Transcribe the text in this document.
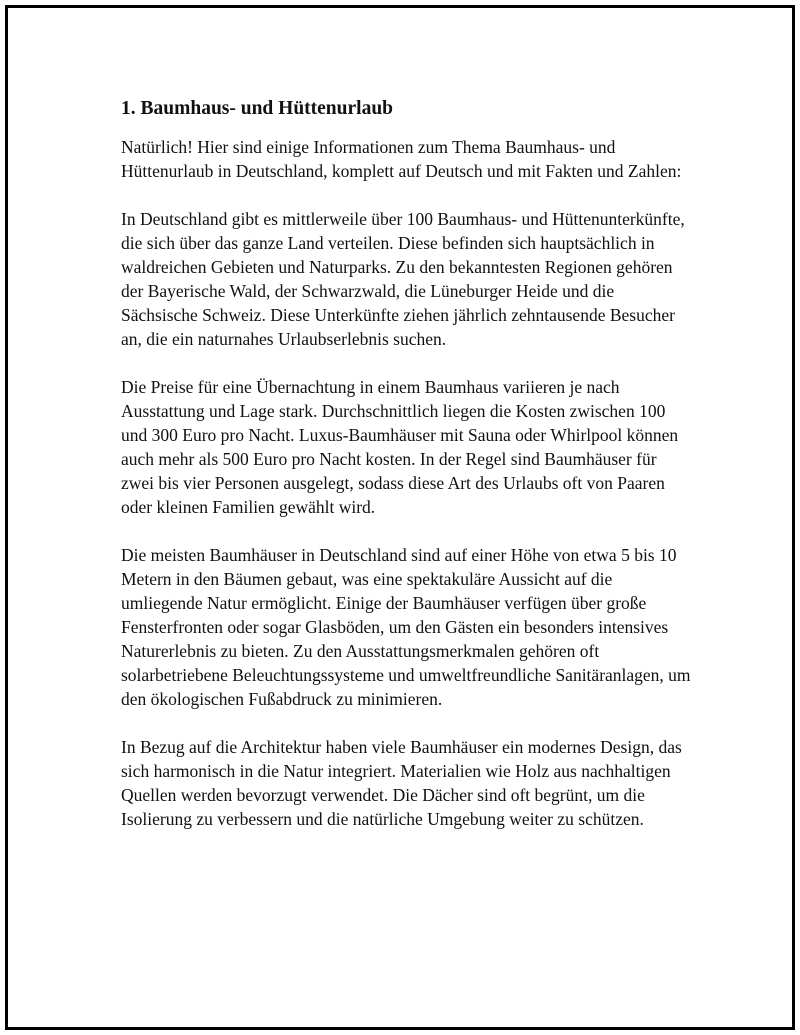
1. Baumhaus- und Hüttenurlaub

Natürlich! Hier sind einige Informationen zum Thema Baumhaus- und Hüttenurlaub in Deutschland, komplett auf Deutsch und mit Fakten und Zahlen:

In Deutschland gibt es mittlerweile über 100 Baumhaus- und Hüttenunterkünfte, die sich über das ganze Land verteilen. Diese befinden sich hauptsächlich in waldreichen Gebieten und Naturparks. Zu den bekanntesten Regionen gehören der Bayerische Wald, der Schwarzwald, die Lüneburger Heide und die Sächsische Schweiz. Diese Unterkünfte ziehen jährlich zehntausende Besucher an, die ein naturnahes Urlaubserlebnis suchen.

Die Preise für eine Übernachtung in einem Baumhaus variieren je nach Ausstattung und Lage stark. Durchschnittlich liegen die Kosten zwischen 100 und 300 Euro pro Nacht. Luxus-Baumhäuser mit Sauna oder Whirlpool können auch mehr als 500 Euro pro Nacht kosten. In der Regel sind Baumhäuser für zwei bis vier Personen ausgelegt, sodass diese Art des Urlaubs oft von Paaren oder kleinen Familien gewählt wird.

Die meisten Baumhäuser in Deutschland sind auf einer Höhe von etwa 5 bis 10 Metern in den Bäumen gebaut, was eine spektakuläre Aussicht auf die umliegende Natur ermöglicht. Einige der Baumhäuser verfügen über große Fensterfronten oder sogar Glasböden, um den Gästen ein besonders intensives Naturerlebnis zu bieten. Zu den Ausstattungsmerkmalen gehören oft solarbetriebene Beleuchtungssysteme und umweltfreundliche Sanitäranlagen, um den ökologischen Fußabdruck zu minimieren.

In Bezug auf die Architektur haben viele Baumhäuser ein modernes Design, das sich harmonisch in die Natur integriert. Materialien wie Holz aus nachhaltigen Quellen werden bevorzugt verwendet. Die Dächer sind oft begrünt, um die Isolierung zu verbessern und die natürliche Umgebung weiter zu schützen.
